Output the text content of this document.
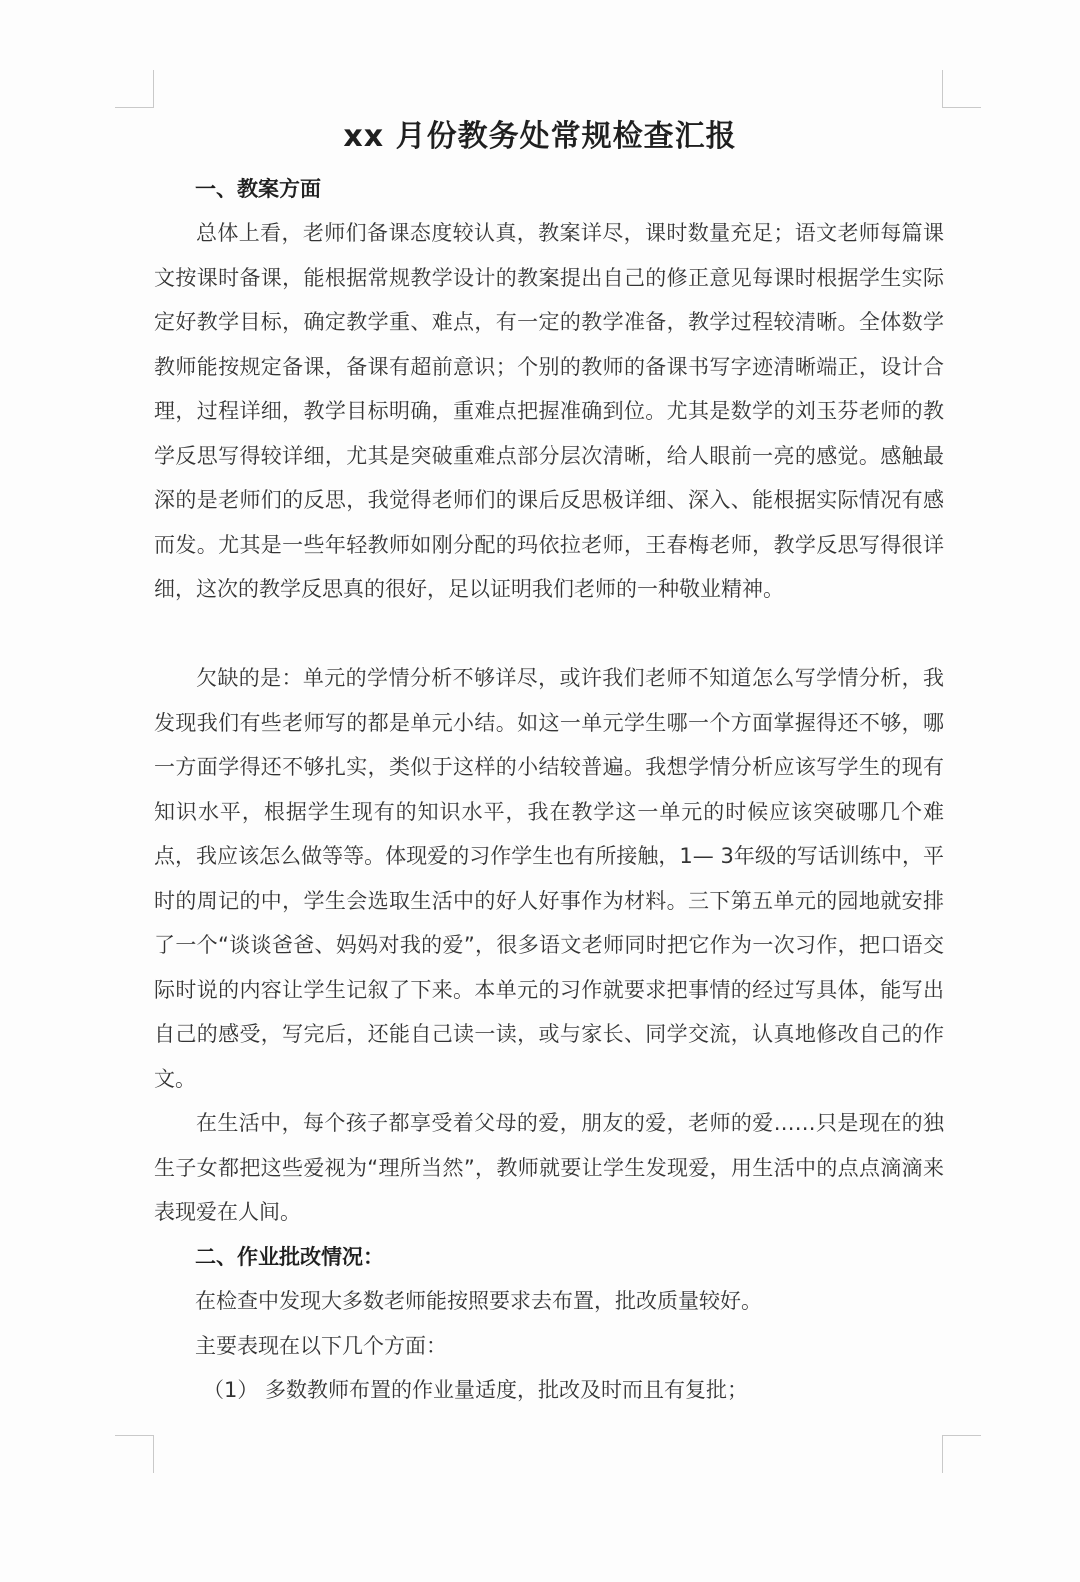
xx 月份教务处常规检查汇报
一、教案方面
总体上看，老师们备课态度较认真，教案详尽，课时数量充足；语文老师每篇课文按课时备课，能根据常规教学设计的教案提出自己的修正意见每课时根据学生实际定好教学目标，确定教学重、难点，有一定的教学准备，教学过程较清晰。全体数学教师能按规定备课，备课有超前意识；个别的教师的备课书写字迹清晰端正，设计合理，过程详细，教学目标明确，重难点把握准确到位。尤其是数学的刘玉芬老师的教学反思写得较详细，尤其是突破重难点部分层次清晰，给人眼前一亮的感觉。感触最深的是老师们的反思，我觉得老师们的课后反思极详细、深入、能根据实际情况有感而发。尤其是一些年轻教师如刚分配的玛依拉老师，王春梅老师，教学反思写得很详细，这次的教学反思真的很好，足以证明我们老师的一种敬业精神。
欠缺的是：单元的学情分析不够详尽，或许我们老师不知道怎么写学情分析，我发现我们有些老师写的都是单元小结。如这一单元学生哪一个方面掌握得还不够，哪一方面学得还不够扎实，类似于这样的小结较普遍。我想学情分析应该写学生的现有知识水平，根据学生现有的知识水平，我在教学这一单元的时候应该突破哪几个难点，我应该怎么做等等。体现爱的习作学生也有所接触，1— 3年级的写话训练中，平时的周记的中，学生会选取生活中的好人好事作为材料。三下第五单元的园地就安排了一个“谈谈爸爸、妈妈对我的爱”，很多语文老师同时把它作为一次习作，把口语交际时说的内容让学生记叙了下来。本单元的习作就要求把事情的经过写具体，能写出自己的感受，写完后，还能自己读一读，或与家长、同学交流，认真地修改自己的作文。
在生活中，每个孩子都享受着父母的爱，朋友的爱，老师的爱……只是现在的独生子女都把这些爱视为“理所当然”，教师就要让学生发现爱，用生活中的点点滴滴来表现爱在人间。
二、作业批改情况：
在检查中发现大多数老师能按照要求去布置，批改质量较好。
主要表现在以下几个方面：
（1） 多数教师布置的作业量适度，批改及时而且有复批；
